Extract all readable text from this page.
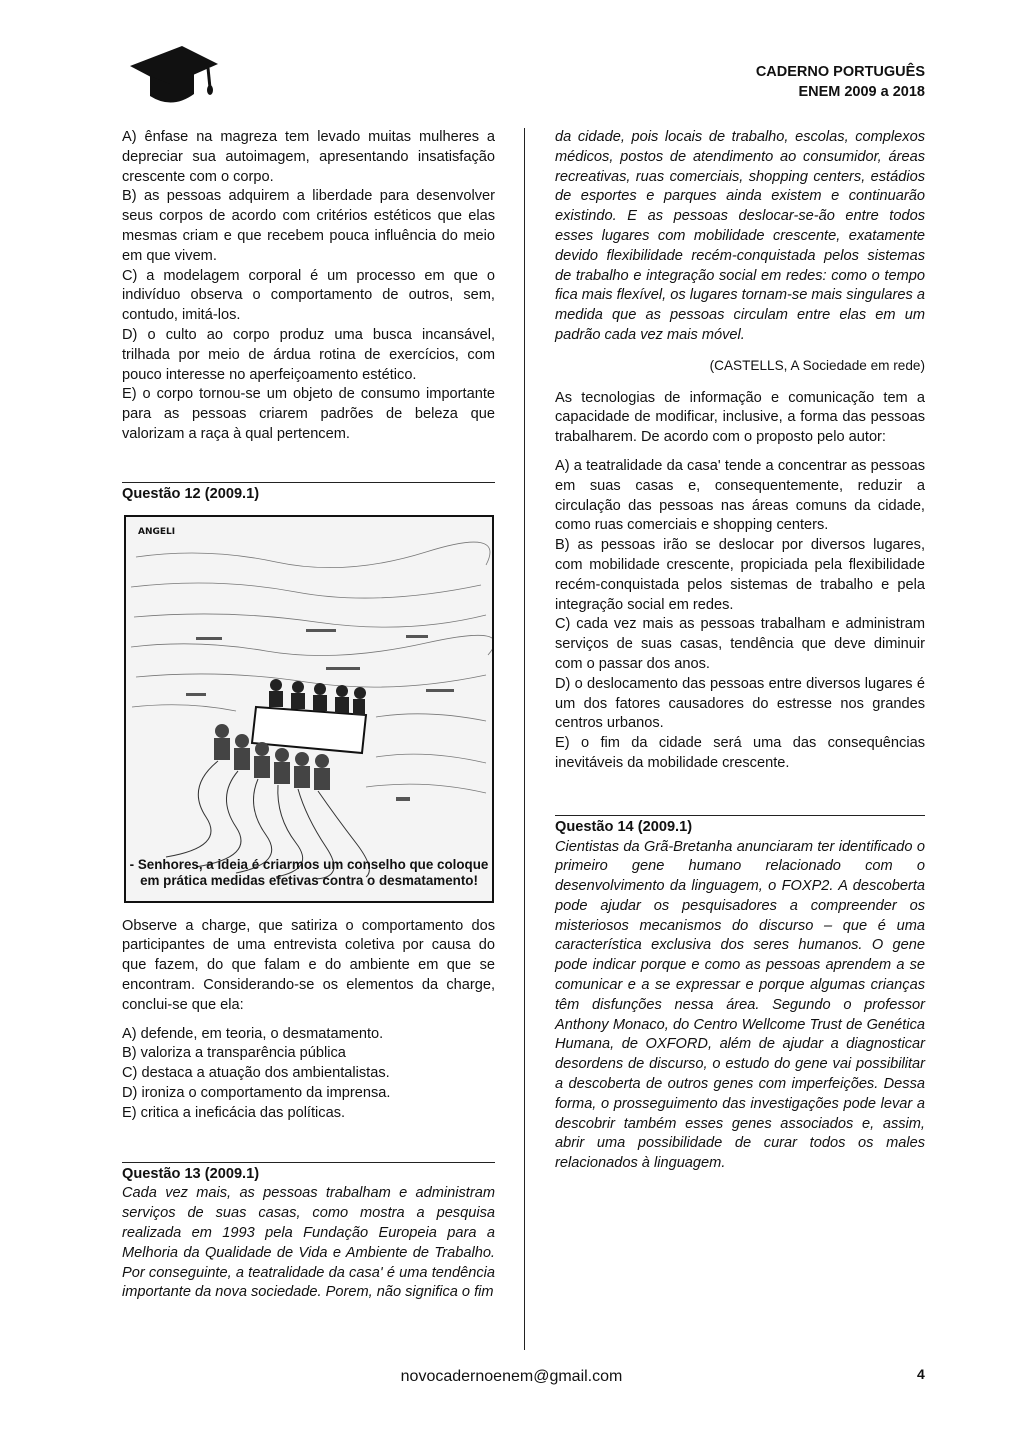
CADERNO PORTUGUÊS
ENEM 2009 a 2018

A) ênfase na magreza tem levado muitas mulheres a depreciar sua autoimagem, apresentando insatisfação crescente com o corpo.

B) as pessoas adquirem a liberdade para desenvolver seus corpos de acordo com critérios estéticos que elas mesmas criam e que recebem pouca influência do meio em que vivem.

C) a modelagem corporal é um processo em que o indivíduo observa o comportamento de outros, sem, contudo, imitá-los.

D) o culto ao corpo produz uma busca incansável, trilhada por meio de árdua rotina de exercícios, com pouco interesse no aperfeiçoamento estético.

E) o corpo tornou-se um objeto de consumo importante para as pessoas criarem padrões de beleza que valorizam a raça à qual pertencem.

Questão 12 (2009.1)
ANGELI
- Senhores, a ideia é criarmos um conselho que coloque em prática medidas efetivas contra o desmatamento!

Observe a charge, que satiriza o comportamento dos participantes de uma entrevista coletiva por causa do que fazem, do que falam e do ambiente em que se encontram. Considerando-se os elementos da charge, conclui-se que ela:

A) defende, em teoria, o desmatamento.

B) valoriza a transparência pública

C) destaca a atuação dos ambientalistas.

D) ironiza o comportamento da imprensa.

E) critica a ineficácia das políticas.

Questão 13 (2009.1)

Cada vez mais, as pessoas trabalham e administram serviços de suas casas, como mostra a pesquisa realizada em 1993 pela Fundação Europeia para a Melhoria da Qualidade de Vida e Ambiente de Trabalho. Por conseguinte, a teatralidade da casa' é uma tendência importante da nova sociedade. Porem, não significa o fim

da cidade, pois locais de trabalho, escolas, complexos médicos, postos de atendimento ao consumidor, áreas recreativas, ruas comerciais, shopping centers, estádios de esportes e parques ainda existem e continuarão existindo. E as pessoas deslocar-se-ão entre todos esses lugares com mobilidade crescente, exatamente devido flexibilidade recém-conquistada pelos sistemas de trabalho e integração social em redes: como o tempo fica mais flexível, os lugares tornam-se mais singulares a medida que as pessoas circulam entre elas em um padrão cada vez mais móvel.

(CASTELLS, A Sociedade em rede)

As tecnologias de informação e comunicação tem a capacidade de modificar, inclusive, a forma das pessoas trabalharem. De acordo com o proposto pelo autor:

A) a teatralidade da casa' tende a concentrar as pessoas em suas casas e, consequentemente, reduzir a circulação das pessoas nas áreas comuns da cidade, como ruas comerciais e shopping centers.

B) as pessoas irão se deslocar por diversos lugares, com mobilidade crescente, propiciada pela flexibilidade recém-conquistada pelos sistemas de trabalho e pela integração social em redes.

C) cada vez mais as pessoas trabalham e administram serviços de suas casas, tendência que deve diminuir com o passar dos anos.

D) o deslocamento das pessoas entre diversos lugares é um dos fatores causadores do estresse nos grandes centros urbanos.

E) o fim da cidade será uma das consequências inevitáveis da mobilidade crescente.

Questão 14 (2009.1)

Cientistas da Grã-Bretanha anunciaram ter identificado o primeiro gene humano relacionado com o desenvolvimento da linguagem, o FOXP2. A descoberta pode ajudar os pesquisadores a compreender os misteriosos mecanismos do discurso – que é uma característica exclusiva dos seres humanos. O gene pode indicar porque e como as pessoas aprendem a se comunicar e a se expressar e porque algumas crianças têm disfunções nessa área. Segundo o professor Anthony Monaco, do Centro Wellcome Trust de Genética Humana, de OXFORD, além de ajudar a diagnosticar desordens de discurso, o estudo do gene vai possibilitar a descoberta de outros genes com imperfeições. Dessa forma, o prosseguimento das investigações pode levar a descobrir também esses genes associados e, assim, abrir uma possibilidade de curar todos os males relacionados à linguagem.

novocadernoenem@gmail.com	4
